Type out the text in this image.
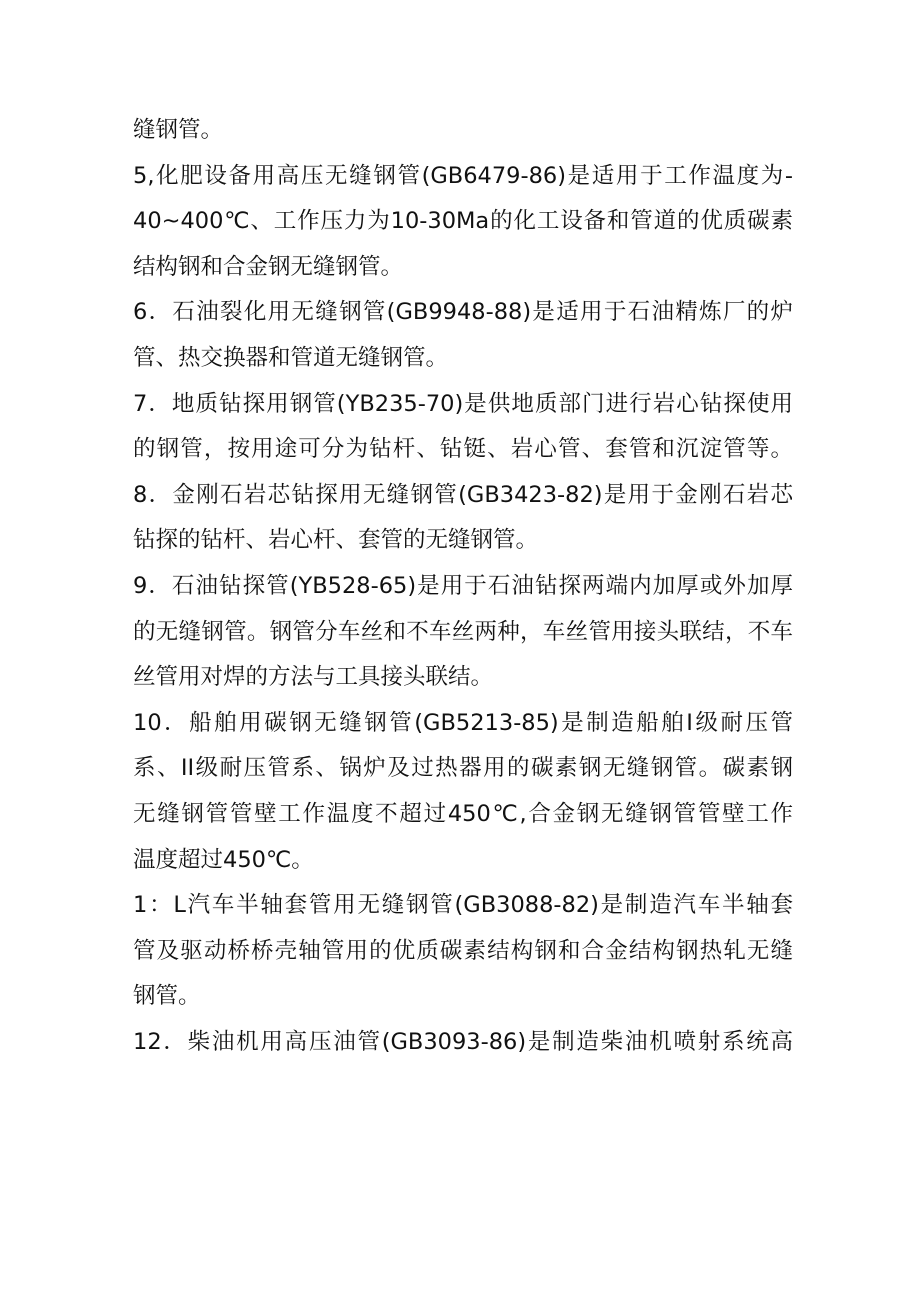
缝钢管。
5,化肥设备用高压无缝钢管(GB6479-86)是适用于工作温度为-
40~400℃、工作压力为10-30Ma的化工设备和管道的优质碳素
结构钢和合金钢无缝钢管。
6．石油裂化用无缝钢管(GB9948-88)是适用于石油精炼厂的炉
管、热交换器和管道无缝钢管。
7．地质钻探用钢管(YB235-70)是供地质部门进行岩心钻探使用
的钢管，按用途可分为钻杆、钻铤、岩心管、套管和沉淀管等。
8．金刚石岩芯钻探用无缝钢管(GB3423-82)是用于金刚石岩芯
钻探的钻杆、岩心杆、套管的无缝钢管。
9．石油钻探管(YB528-65)是用于石油钻探两端内加厚或外加厚
的无缝钢管。钢管分车丝和不车丝两种，车丝管用接头联结，不车
丝管用对焊的方法与工具接头联结。
10．船舶用碳钢无缝钢管(GB5213-85)是制造船舶Ⅰ级耐压管
系、II级耐压管系、锅炉及过热器用的碳素钢无缝钢管。碳素钢
无缝钢管管壁工作温度不超过450℃,合金钢无缝钢管管壁工作
温度超过450℃。
1：L汽车半轴套管用无缝钢管(GB3088-82)是制造汽车半轴套
管及驱动桥桥壳轴管用的优质碳素结构钢和合金结构钢热轧无缝
钢管。
12．柴油机用高压油管(GB3093-86)是制造柴油机喷射系统高
